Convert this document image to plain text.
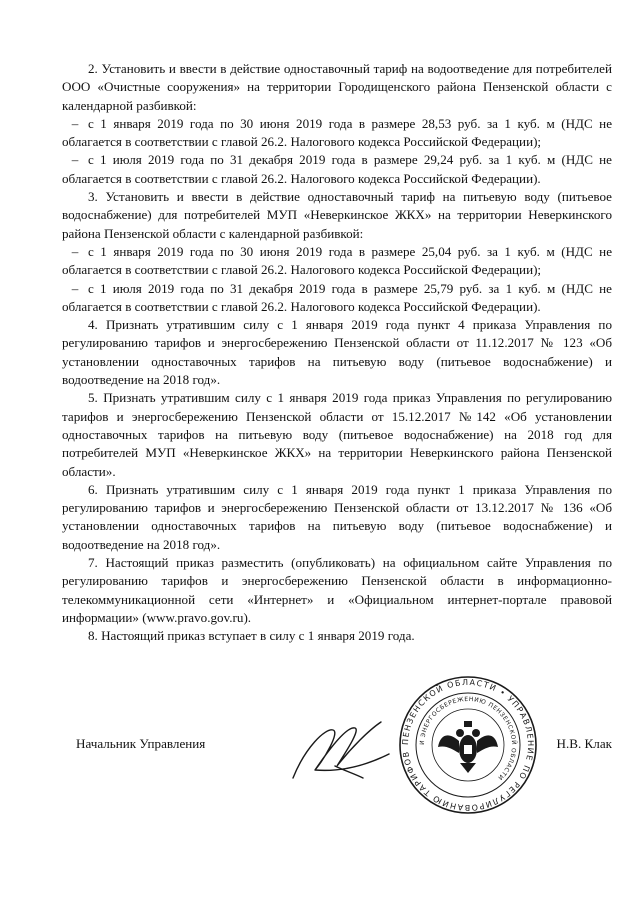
2. Установить и ввести в действие одноставочный тариф на водоотведение для потребителей ООО «Очистные сооружения» на территории Городищенского района Пензенской области с календарной разбивкой:

– с 1 января 2019 года по 30 июня 2019 года в размере 28,53 руб. за 1 куб. м (НДС не облагается в соответствии с главой 26.2. Налогового кодекса Российской Федерации);

– с 1 июля 2019 года по 31 декабря 2019 года в размере 29,24 руб. за 1 куб. м (НДС не облагается в соответствии с главой 26.2. Налогового кодекса Российской Федерации).

3. Установить и ввести в действие одноставочный тариф на питьевую воду (питьевое водоснабжение) для потребителей МУП «Неверкинское ЖКХ» на территории Неверкинского района Пензенской области с календарной разбивкой:

– с 1 января 2019 года по 30 июня 2019 года в размере 25,04 руб. за 1 куб. м (НДС не облагается в соответствии с главой 26.2. Налогового кодекса Российской Федерации);

– с 1 июля 2019 года по 31 декабря 2019 года в размере 25,79 руб. за 1 куб. м (НДС не облагается в соответствии с главой 26.2. Налогового кодекса Российской Федерации).

4. Признать утратившим силу с 1 января 2019 года пункт 4 приказа Управления по регулированию тарифов и энергосбережению Пензенской области от 11.12.2017 № 123 «Об установлении одноставочных тарифов на питьевую воду (питьевое водоснабжение) и водоотведение на 2018 год».

5. Признать утратившим силу с 1 января 2019 года приказ Управления по регулированию тарифов и энергосбережению Пензенской области от 15.12.2017 №142 «Об установлении одноставочных тарифов на питьевую воду (питьевое водоснабжение) на 2018 год для потребителей МУП «Неверкинское ЖКХ» на территории Неверкинского района Пензенской области».

6. Признать утратившим силу с 1 января 2019 года пункт 1 приказа Управления по регулированию тарифов и энергосбережению Пензенской области от 13.12.2017 № 136 «Об установлении одноставочных тарифов на питьевую воду (питьевое водоснабжение) и водоотведение на 2018 год».

7. Настоящий приказ разместить (опубликовать) на официальном сайте Управления по регулированию тарифов и энергосбережению Пензенской области в информационно-телекоммуникационной сети «Интернет» и «Официальном интернет-портале правовой информации» (www.pravo.gov.ru).

8. Настоящий приказ вступает в силу с 1 января 2019 года.

ПЕНЗЕНСКОЙ ОБЛАСТИ • УПРАВЛЕНИЕ ПО РЕГУЛИРОВАНИЮ ТАРИФОВ
И ЭНЕРГОСБЕРЕЖЕНИЮ ПЕНЗЕНСКОЙ ОБЛАСТИ
Начальник Управления	Н.В. Клак
